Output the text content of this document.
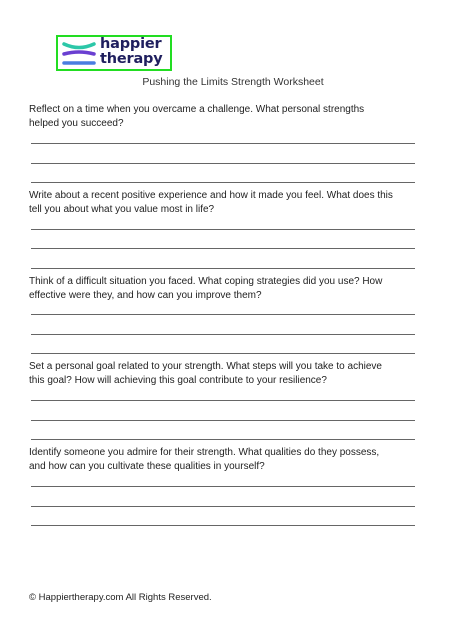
happier
therapy
Pushing the Limits Strength Worksheet
Reflect on a time when you overcame a challenge. What personal strengths
helped you succeed?
Write about a recent positive experience and how it made you feel. What does this
tell you about what you value most in life?
Think of a difficult situation you faced. What coping strategies did you use? How
effective were they, and how can you improve them?
Set a personal goal related to your strength. What steps will you take to achieve
this goal? How will achieving this goal contribute to your resilience?
Identify someone you admire for their strength. What qualities do they possess,
and how can you cultivate these qualities in yourself?
© Happiertherapy.com All Rights Reserved.
